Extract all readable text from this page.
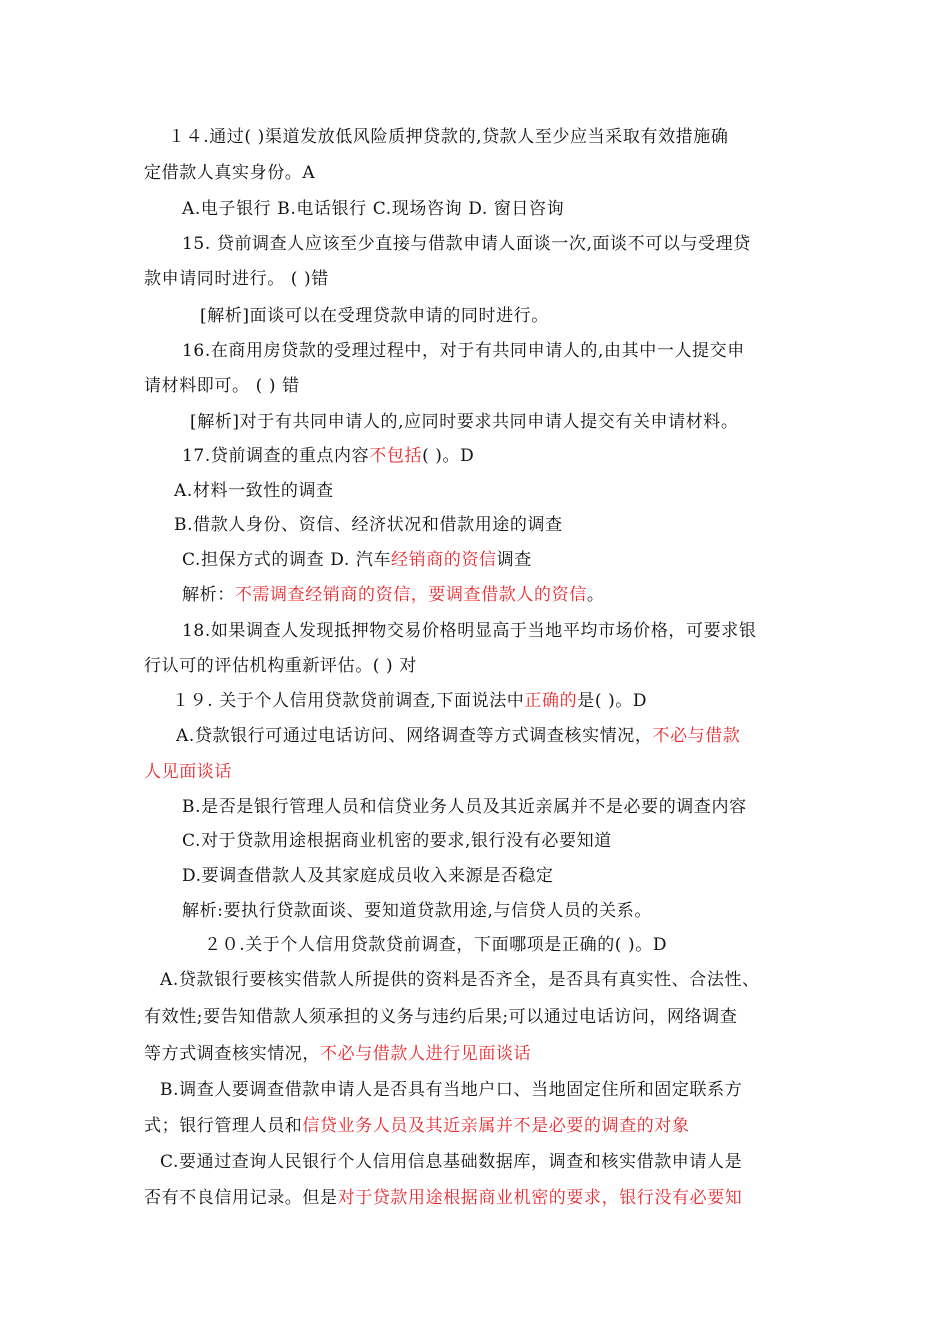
１４.通过( )渠道发放低风险质押贷款的,贷款人至少应当采取有效措施确
定借款人真实身份。A
A.电子银行 B.电话银行 C.现场咨询 D. 窗日咨询
15. 贷前调查人应该至少直接与借款申请人面谈一次,面谈不可以与受理贷
款申请同时进行。 ( )错
[解析]面谈可以在受理贷款申请的同时进行。
16.在商用房贷款的受理过程中，对于有共同申请人的,由其中一人提交申
请材料即可。 ( ) 错
[解析]对于有共同申请人的,应同时要求共同申请人提交有关申请材料。
17.贷前调查的重点内容不包括( )。D
A.材料一致性的调查
B.借款人身份、资信、经济状况和借款用途的调查
C.担保方式的调查 D. 汽车经销商的资信调查
解析：不需调查经销商的资信，要调查借款人的资信。
18.如果调查人发现抵押物交易价格明显高于当地平均市场价格，可要求银
行认可的评估机构重新评估。( ) 对
１９. 关于个人信用贷款贷前调查,下面说法中正确的是( )。D
A.贷款银行可通过电话访问、网络调查等方式调查核实情况，不必与借款
人见面谈话
B.是否是银行管理人员和信贷业务人员及其近亲属并不是必要的调查内容
C.对于贷款用途根据商业机密的要求,银行没有必要知道
D.要调查借款人及其家庭成员收入来源是否稳定
解析:要执行贷款面谈、要知道贷款用途,与信贷人员的关系。
２０.关于个人信用贷款贷前调查，下面哪项是正确的( )。D
A.贷款银行要核实借款人所提供的资料是否齐全，是否具有真实性、合法性、
有效性;要告知借款人须承担的义务与违约后果;可以通过电话访问，网络调查
等方式调查核实情况，不必与借款人进行见面谈话
B.调查人要调查借款申请人是否具有当地户口、当地固定住所和固定联系方
式；银行管理人员和信贷业务人员及其近亲属并不是必要的调查的对象
C.要通过查询人民银行个人信用信息基础数据库，调查和核实借款申请人是
否有不良信用记录。但是对于贷款用途根据商业机密的要求，银行没有必要知
